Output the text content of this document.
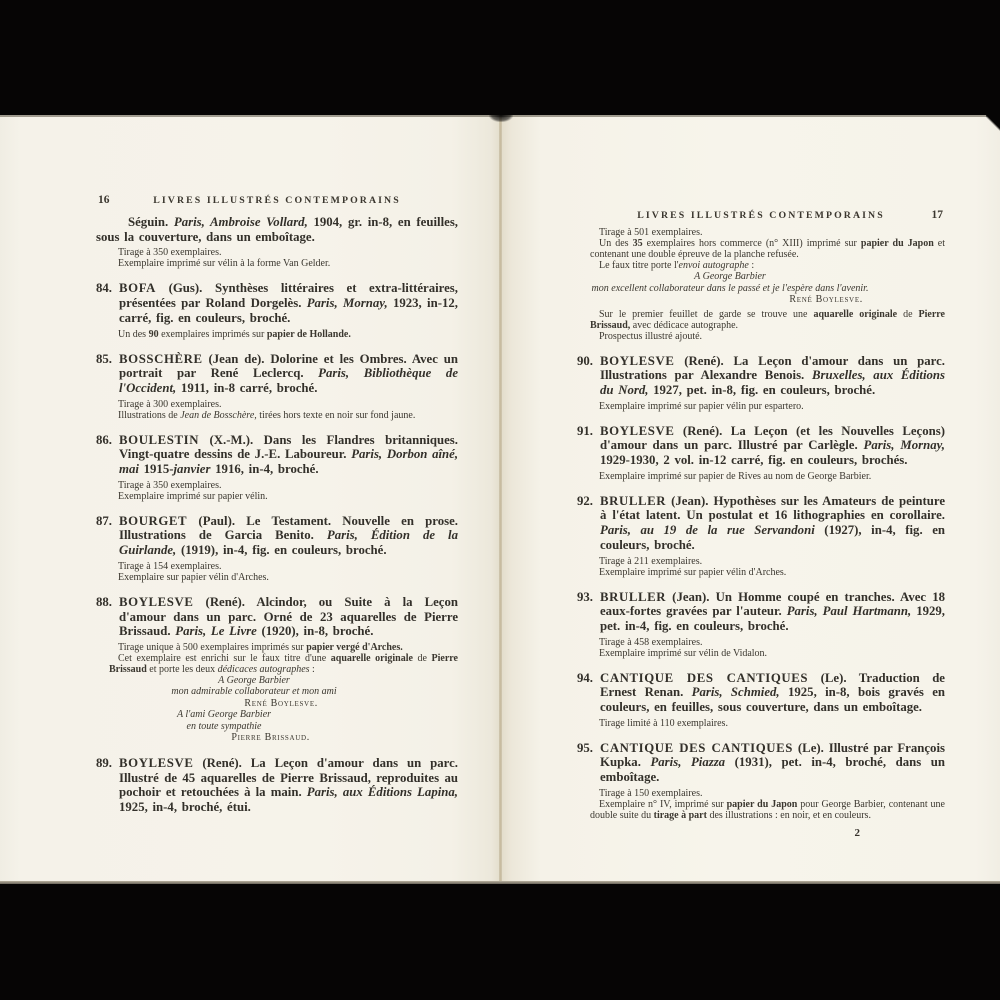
16	LIVRES ILLUSTRÉS CONTEMPORAINS
Séguin. Paris, Ambroise Vollard, 1904, gr. in-8, en feuilles, sous la couverture, dans un emboîtage.
Tirage à 350 exemplaires.
Exemplaire imprimé sur vélin à la forme Van Gelder.
84. BOFA (Gus). Synthèses littéraires et extra-littéraires, présentées par Roland Dorgelès. Paris, Mornay, 1923, in-12, carré, fig. en couleurs, broché.
Un des 90 exemplaires imprimés sur papier de Hollande.
85. BOSSCHÈRE (Jean de). Dolorine et les Ombres. Avec un portrait par René Leclercq. Paris, Bibliothèque de l'Occident, 1911, in-8 carré, broché.
Tirage à 300 exemplaires.
Illustrations de Jean de Bosschère, tirées hors texte en noir sur fond jaune.
86. BOULESTIN (X.-M.). Dans les Flandres britanniques. Vingt-quatre dessins de J.-E. Laboureur. Paris, Dorbon aîné, mai 1915-janvier 1916, in-4, broché.
Tirage à 350 exemplaires.
Exemplaire imprimé sur papier vélin.
87. BOURGET (Paul). Le Testament. Nouvelle en prose. Illustrations de Garcia Benito. Paris, Édition de la Guirlande, (1919), in-4, fig. en couleurs, broché.
Tirage à 154 exemplaires.
Exemplaire sur papier vélin d'Arches.
88. BOYLESVE (René). Alcindor, ou Suite à la Leçon d'amour dans un parc. Orné de 23 aquarelles de Pierre Brissaud. Paris, Le Livre (1920), in-8, broché.
Tirage unique à 500 exemplaires imprimés sur papier vergé d'Arches.
Cet exemplaire est enrichi sur le faux titre d'une aquarelle originale de Pierre Brissaud et porte les deux dédicaces autographes :
A George Barbier
mon admirable collaborateur et mon ami
René Boylesve.
A l'ami George Barbier
en toute sympathie
Pierre Brissaud.
89. BOYLESVE (René). La Leçon d'amour dans un parc. Illustré de 45 aquarelles de Pierre Brissaud, reproduites au pochoir et retouchées à la main. Paris, aux Éditions Lapina, 1925, in-4, broché, étui.
17
LIVRES ILLUSTRÉS CONTEMPORAINS
Tirage à 501 exemplaires.
Un des 35 exemplaires hors commerce (n° XIII) imprimé sur papier du Japon et contenant une double épreuve de la planche refusée.
Le faux titre porte l'envoi autographe :
A George Barbier
mon excellent collaborateur dans le passé et je l'espère dans l'avenir.
René Boylesve.
Sur le premier feuillet de garde se trouve une aquarelle originale de Pierre Brissaud, avec dédicace autographe.
Prospectus illustré ajouté.
90. BOYLESVE (René). La Leçon d'amour dans un parc. Illustrations par Alexandre Benois. Bruxelles, aux Éditions du Nord, 1927, pet. in-8, fig. en couleurs, broché.
Exemplaire imprimé sur papier vélin pur espartero.
91. BOYLESVE (René). La Leçon (et les Nouvelles Leçons) d'amour dans un parc. Illustré par Carlègle. Paris, Mornay, 1929-1930, 2 vol. in-12 carré, fig. en couleurs, brochés.
Exemplaire imprimé sur papier de Rives au nom de George Barbier.
92. BRULLER (Jean). Hypothèses sur les Amateurs de peinture à l'état latent. Un postulat et 16 lithographies en corollaire. Paris, au 19 de la rue Servandoni (1927), in-4, fig. en couleurs, broché.
Tirage à 211 exemplaires.
Exemplaire imprimé sur papier vélin d'Arches.
93. BRULLER (Jean). Un Homme coupé en tranches. Avec 18 eaux-fortes gravées par l'auteur. Paris, Paul Hartmann, 1929, pet. in-4, fig. en couleurs, broché.
Tirage à 458 exemplaires.
Exemplaire imprimé sur vélin de Vidalon.
94. CANTIQUE DES CANTIQUES (Le). Traduction de Ernest Renan. Paris, Schmied, 1925, in-8, bois gravés en couleurs, en feuilles, sous couverture, dans un emboîtage.
Tirage limité à 110 exemplaires.
95. CANTIQUE DES CANTIQUES (Le). Illustré par François Kupka. Paris, Piazza (1931), pet. in-4, broché, dans un emboîtage.
Tirage à 150 exemplaires.
Exemplaire n° IV, imprimé sur papier du Japon pour George Barbier, contenant une double suite du tirage à part des illustrations : en noir, et en couleurs.
2
